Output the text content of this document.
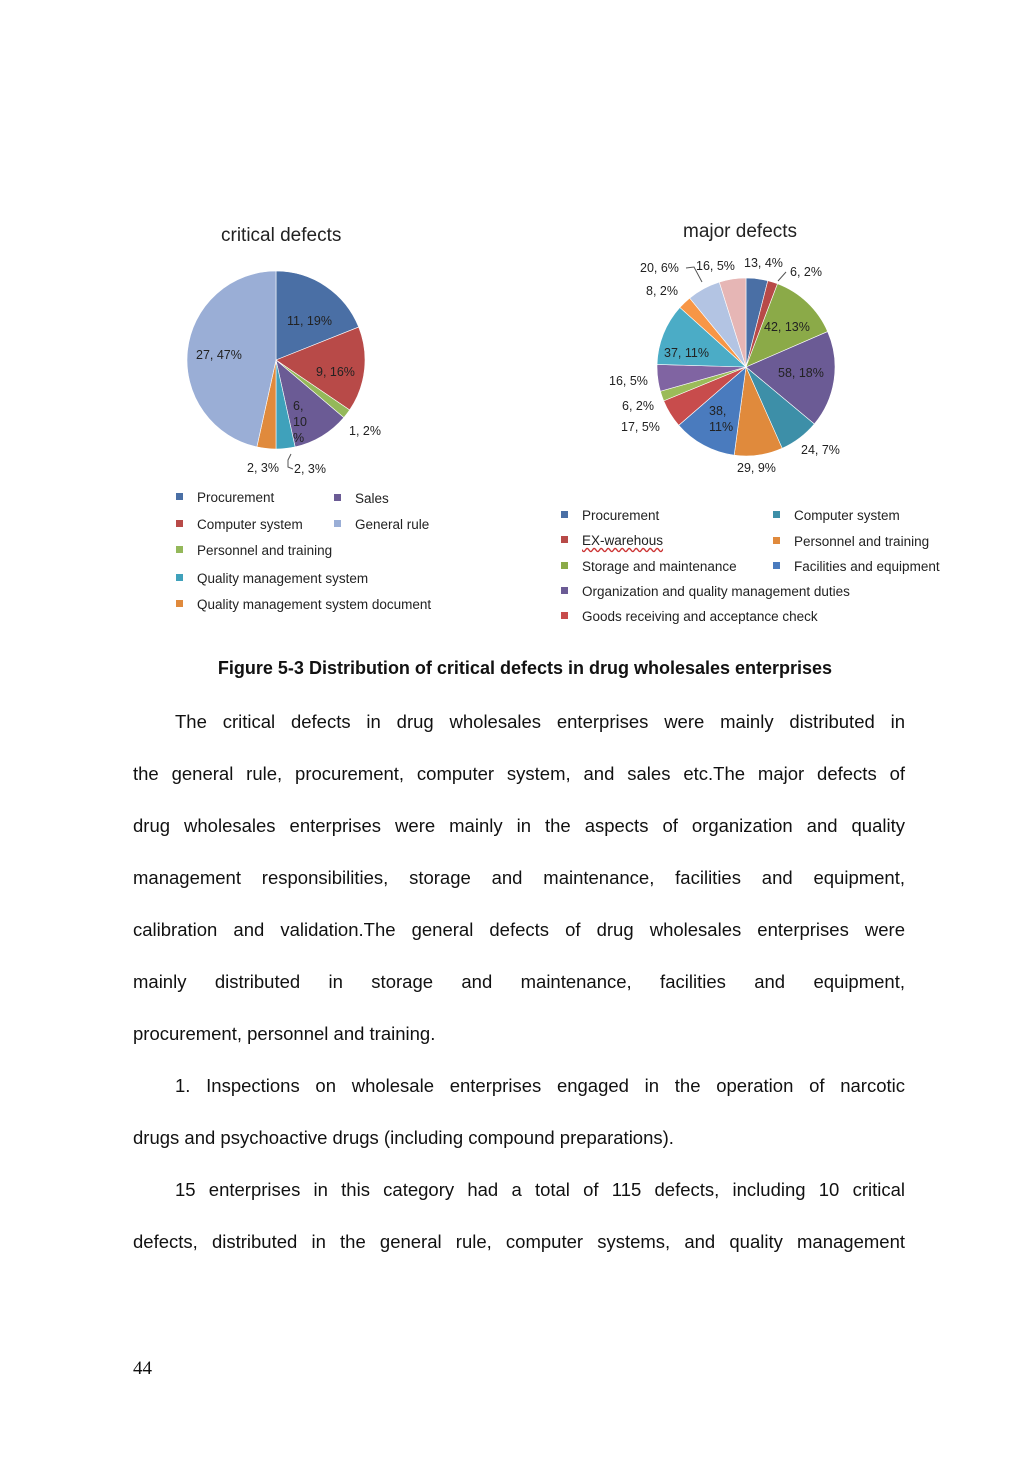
critical defects
11, 19%
9, 16%
1, 2%
6,
10
%
2, 3%
2, 3%
27, 47%
Procurement	Sales
Computer system	General rule
Personnel and training
Quality management system
Quality management system document
major defects
13, 4%
6, 2%
42, 13%
58, 18%
24, 7%
29, 9%
38,
11%
17, 5%
6, 2%
16, 5%
37, 11%
8, 2%
20, 6% 16, 5%
Procurement	Computer system
EX-warehous	Personnel and training
Storage and maintenance	Facilities and equipment
Organization and quality management duties
Goods receiving and acceptance check
Figure 5-3 Distribution of critical defects in drug wholesales enterprises
The critical defects in drug wholesales enterprises were mainly distributed in
the general rule, procurement, computer system, and sales etc.The major defects of
drug wholesales enterprises were mainly in the aspects of organization and quality
management responsibilities, storage and maintenance, facilities and equipment,
calibration and validation.The general defects of drug wholesales enterprises were
mainly distributed in storage and maintenance, facilities and equipment,
procurement, personnel and training.
1. Inspections on wholesale enterprises engaged in the operation of narcotic
drugs and psychoactive drugs (including compound preparations).
15 enterprises in this category had a total of 115 defects, including 10 critical
defects, distributed in the general rule, computer systems, and quality management
44
